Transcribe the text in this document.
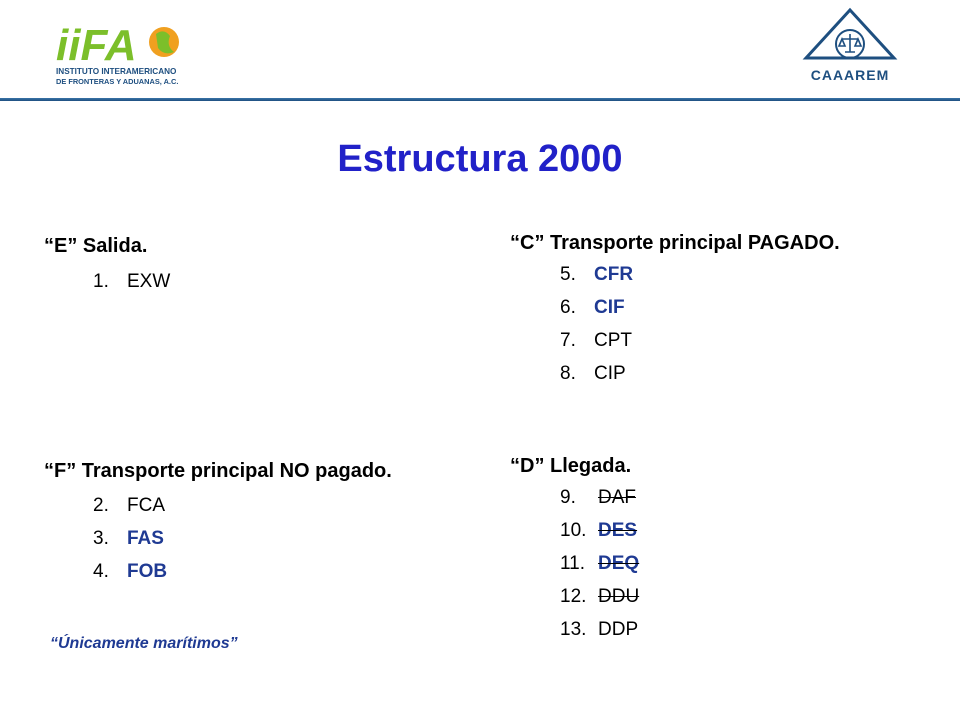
iiFA
INSTITUTO INTERAMERICANO
DE FRONTERAS Y ADUANAS, A.C.	CAAAREM
Estructura 2000
“E” Salida.
1. EXW
“F” Transporte principal NO pagado.
2. FCA
3. FAS
4. FOB
“Únicamente marítimos”
“C” Transporte principal PAGADO.
5. CFR
6. CIF
7. CPT
8. CIP
“D” Llegada.
9. DAF
10. DES
11. DEQ
12. DDU
13. DDP
